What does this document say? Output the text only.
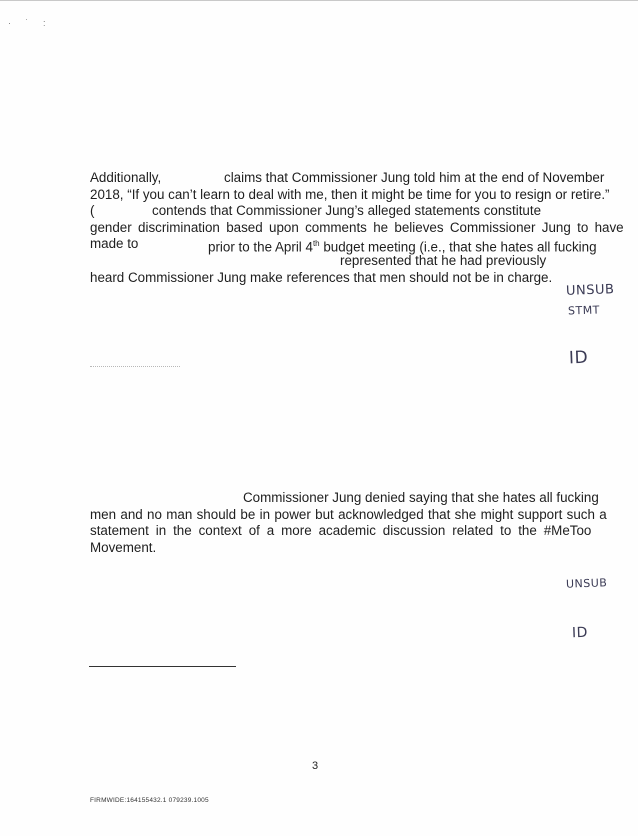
· ˙ :
Additionally,	claims that Commissioner Jung told him at the end of November
2018, “If you can’t learn to deal with me, then it might be time for you to resign or retire.”
(	contends that Commissioner Jung’s alleged statements constitute
gender discrimination based upon comments he believes Commissioner Jung to have
made to	prior to the April 4th budget meeting (i.e., that she hates all fucking
represented that he had previously
heard Commissioner Jung make references that men should not be in charge.
Commissioner Jung denied saying that she hates all fucking
men and no man should be in power but acknowledged that she might support such a
statement in the context of a more academic discussion related to the #MeToo
Movement.
UNSUB
STMT
ID
UNSUB
ID
3
FIRMWIDE:164155432.1 079239.1005
